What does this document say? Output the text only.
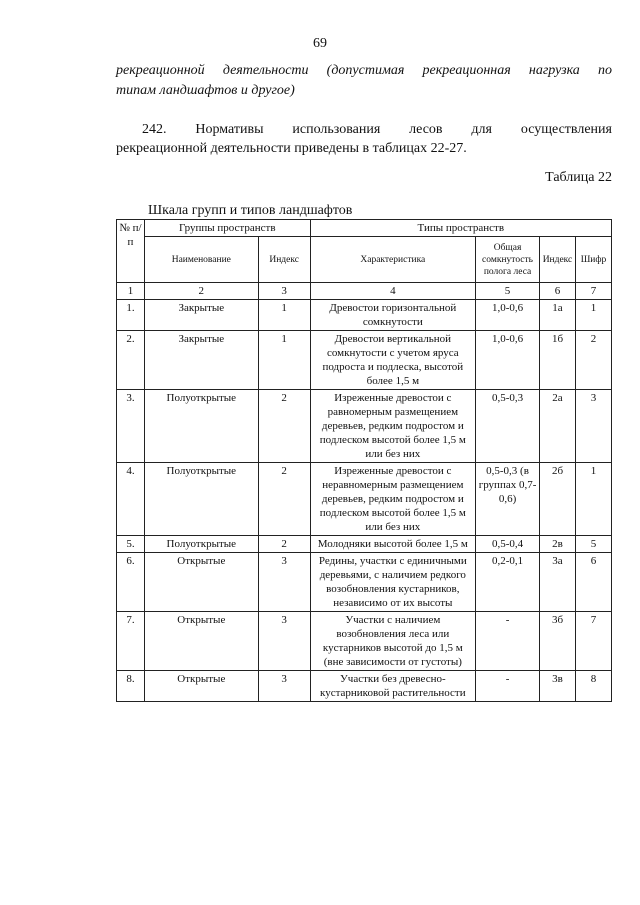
69
рекреационной деятельности (допустимая рекреационная нагрузка по
типам ландшафтов и другое)
242. Нормативы использования лесов для осуществления
рекреационной деятельности приведены в таблицах 22-27.
Таблица 22
Шкала групп и типов ландшафтов
№ п/п	Группы пространств		Типы пространств			
	Наименование	Индекс	Характеристика	Общая сомкнутость полога леса	Индекс	Шифр
1	2	3	4	5	6	7
1.	Закрытые	1	Древостои горизонтальной сомкнутости	1,0-0,6	1а	1
2.	Закрытые	1	Древостои вертикальной сомкнутости с учетом яруса подроста и подлеска, высотой более 1,5 м	1,0-0,6	1б	2
3.	Полуоткрытые	2	Изреженные древостои с равномерным размещением деревьев, редким подростом и подлеском высотой более 1,5 м или без них	0,5-0,3	2а	3
4.	Полуоткрытые	2	Изреженные древостои с неравномерным размещением деревьев, редким подростом и подлеском высотой более 1,5 м или без них	0,5-0,3 (в группах 0,7-0,6)	2б	1
5.	Полуоткрытые	2	Молодняки высотой более 1,5 м	0,5-0,4	2в	5
6.	Открытые	3	Редины, участки с единичными деревьями, с наличием редкого возобновления кустарников, независимо от их высоты	0,2-0,1	3а	6
7.	Открытые	3	Участки с наличием возобновления леса или кустарников высотой до 1,5 м (вне зависимости от густоты)	-	3б	7
8.	Открытые	3	Участки без древесно-кустарниковой растительности	-	3в	8
